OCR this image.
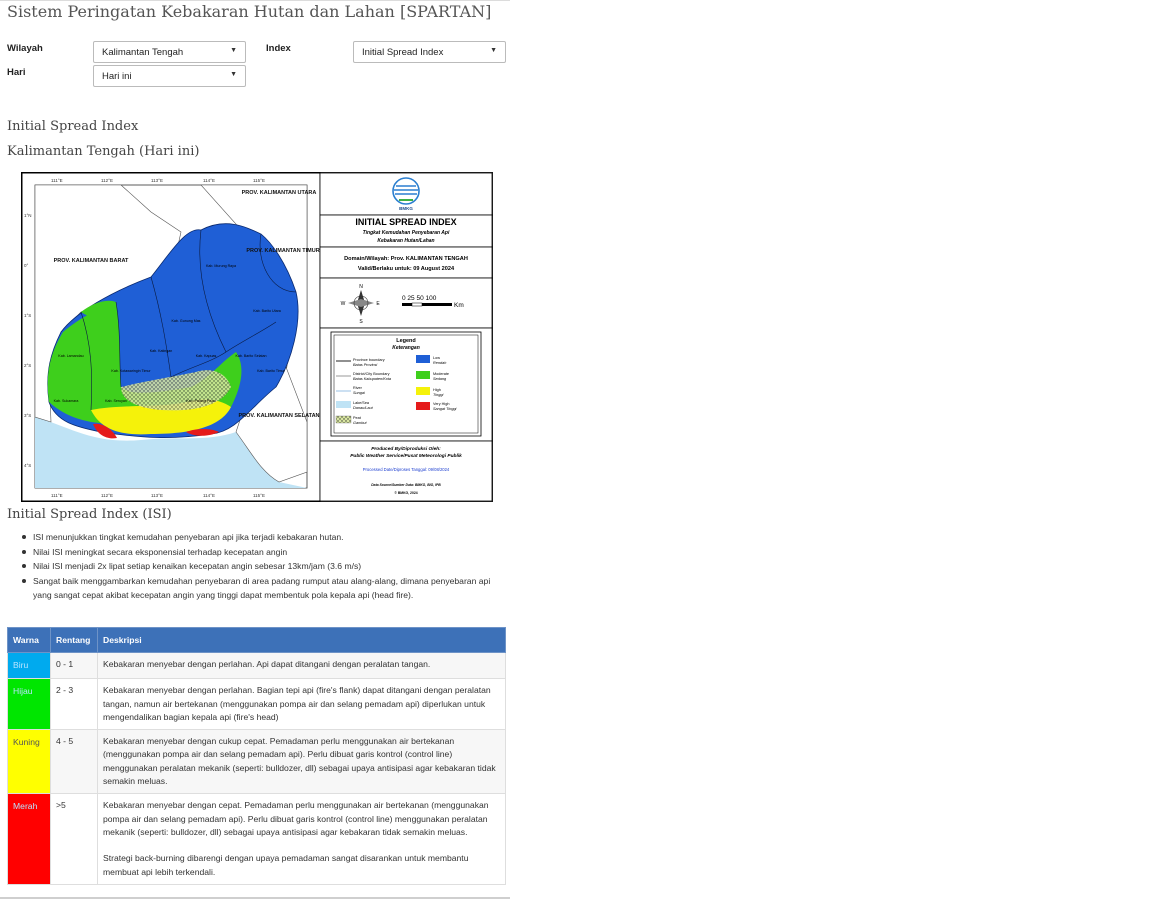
Sistem Peringatan Kebakaran Hutan dan Lahan [SPARTAN]
Wilayah	Kalimantan Tengah	▼
Hari	Hari ini	▼
Index	Initial Spread Index	▼
Initial Spread Index
Kalimantan Tengah (Hari ini)
111°E	112°E	113°E	114°E	115°E
111°E	112°E	113°E	114°E	115°E
1°N
0°
1°S
2°S
3°S
4°S
PROV. KALIMANTAN UTARA
PROV. KALIMANTAN BARAT
PROV. KALIMANTAN TIMUR
PROV. KALIMANTAN SELATAN
Kab. Murung Raya
Kab. Barito Utara
Kab. Gunung Mas
Kab. Katingan
Kab. Lamandau
Kab. Kotawaringin Timur
Kab. Kapuas	Kab. Barito Selatan
Kab. Pulang Pisau
Kab. Seruyan
Kab. Sukamara
Kab. Barito Timur
BMKG
INITIAL SPREAD INDEX
Tingkat Kemudahan Penyebaran Api
Kebakaran Hutan/Lahan
Domain/Wilayah: Prov. KALIMANTAN TENGAH
Valid/Berlaku untuk: 09 August 2024
N
E
S
W
0 25 50 100
Km
Legend
Keterangan
Province boundary
Batas Provinsi
District/City Boundary
Batas Kabupaten/Kota
River
Sungai
Lake/Sea
Danau/Laut
Peat
Gambut
Low
Rendah
Moderate
Sedang
High
Tinggi
Very High
Sangat Tinggi
Produced By/Diproduksi Oleh:
Public Weather Service/Pusat Meteorologi Publik
Processed Date/Diproses Tanggal: 09/08/2024
Data Source/Sumber Data: BMKG, BIG, IPB
© BMKG, 2024
Initial Spread Index (ISI)
ISI menunjukkan tingkat kemudahan penyebaran api jika terjadi kebakaran hutan.
Nilai ISI meningkat secara eksponensial terhadap kecepatan angin
Nilai ISI menjadi 2x lipat setiap kenaikan kecepatan angin sebesar 13km/jam (3.6 m/s)
Sangat baik menggambarkan kemudahan penyebaran di area padang rumput atau alang-alang, dimana penyebaran api yang sangat cepat akibat kecepatan angin yang tinggi dapat membentuk pola kepala api (head fire).
Warna	Rentang	Deskripsi
Biru	0 - 1	Kebakaran menyebar dengan perlahan. Api dapat ditangani dengan peralatan tangan.
Hijau	2 - 3	Kebakaran menyebar dengan perlahan. Bagian tepi api (fire's flank) dapat ditangani dengan peralatan tangan, namun air bertekanan (menggunakan pompa air dan selang pemadam api) diperlukan untuk mengendalikan bagian kepala api (fire's head)
Kuning	4 - 5	Kebakaran menyebar dengan cukup cepat. Pemadaman perlu menggunakan air bertekanan (menggunakan pompa air dan selang pemadam api). Perlu dibuat garis kontrol (control line) menggunakan peralatan mekanik (seperti: bulldozer, dll) sebagai upaya antisipasi agar kebakaran tidak semakin meluas.
Merah	>5	Kebakaran menyebar dengan cepat. Pemadaman perlu menggunakan air bertekanan (menggunakan pompa air dan selang pemadam api). Perlu dibuat garis kontrol (control line) menggunakan peralatan mekanik (seperti: bulldozer, dll) sebagai upaya antisipasi agar kebakaran tidak semakin meluas.
Strategi back-burning dibarengi dengan upaya pemadaman sangat disarankan untuk membantu membuat api lebih terkendali.
